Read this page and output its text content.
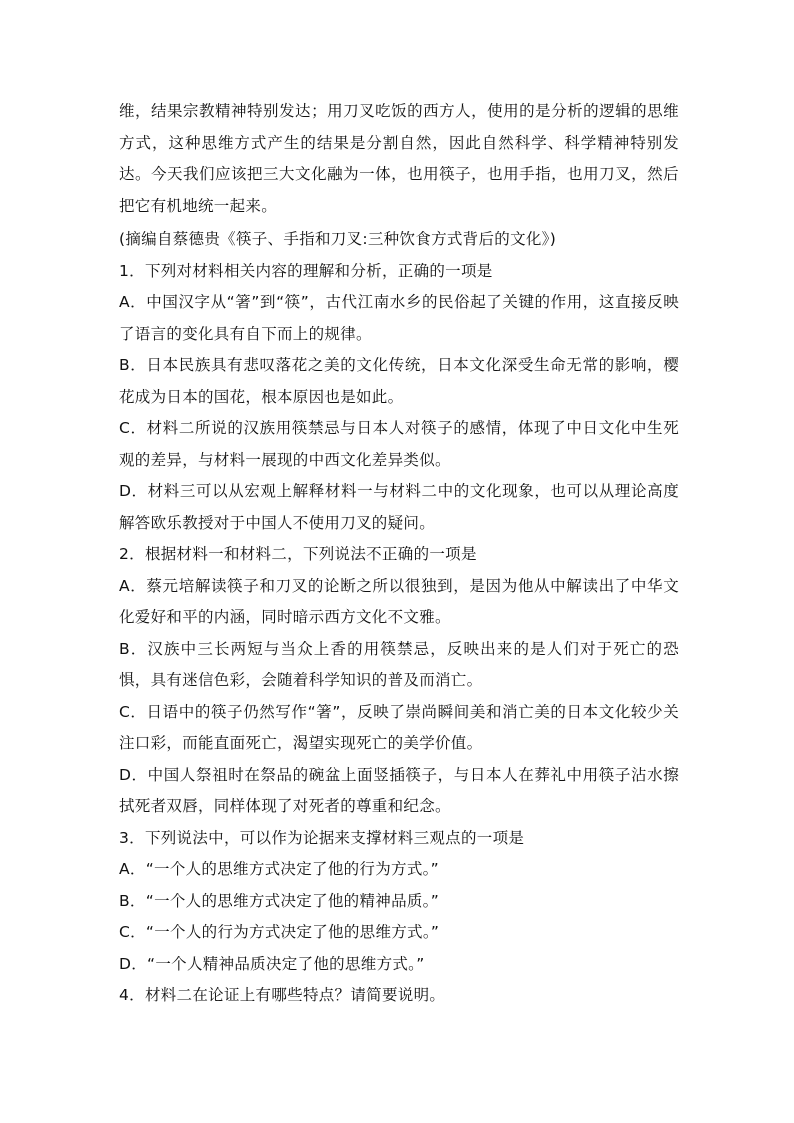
维，结果宗教精神特别发达；用刀叉吃饭的西方人，使用的是分析的逻辑的思维方式，这种思维方式产生的结果是分割自然，因此自然科学、科学精神特别发达。今天我们应该把三大文化融为一体，也用筷子，也用手指，也用刀叉，然后把它有机地统一起来。

(摘编自蔡德贵《筷子、手指和刀叉:三种饮食方式背后的文化》)

1．下列对材料相关内容的理解和分析，正确的一项是

A．中国汉字从“箸”到“筷”，古代江南水乡的民俗起了关键的作用，这直接反映了语言的变化具有自下而上的规律。

B．日本民族具有悲叹落花之美的文化传统，日本文化深受生命无常的影响，樱花成为日本的国花，根本原因也是如此。

C．材料二所说的汉族用筷禁忌与日本人对筷子的感情，体现了中日文化中生死观的差异，与材料一展现的中西文化差异类似。

D．材料三可以从宏观上解释材料一与材料二中的文化现象，也可以从理论高度解答欧乐教授对于中国人不使用刀叉的疑问。

2．根据材料一和材料二，下列说法不正确的一项是

A．蔡元培解读筷子和刀叉的论断之所以很独到，是因为他从中解读出了中华文化爱好和平的内涵，同时暗示西方文化不文雅。

B．汉族中三长两短与当众上香的用筷禁忌，反映出来的是人们对于死亡的恐惧，具有迷信色彩，会随着科学知识的普及而消亡。

C．日语中的筷子仍然写作“箸”，反映了崇尚瞬间美和消亡美的日本文化较少关注口彩，而能直面死亡，渴望实现死亡的美学价值。

D．中国人祭祖时在祭品的碗盆上面竖插筷子，与日本人在葬礼中用筷子沾水擦拭死者双唇，同样体现了对死者的尊重和纪念。

3．下列说法中，可以作为论据来支撑材料三观点的一项是

A．“一个人的思维方式决定了他的行为方式。”

B．“一个人的思维方式决定了他的精神品质。”

C．“一个人的行为方式决定了他的思维方式。”

D．“一个人精神品质决定了他的思维方式。”

4．材料二在论证上有哪些特点？请简要说明。
